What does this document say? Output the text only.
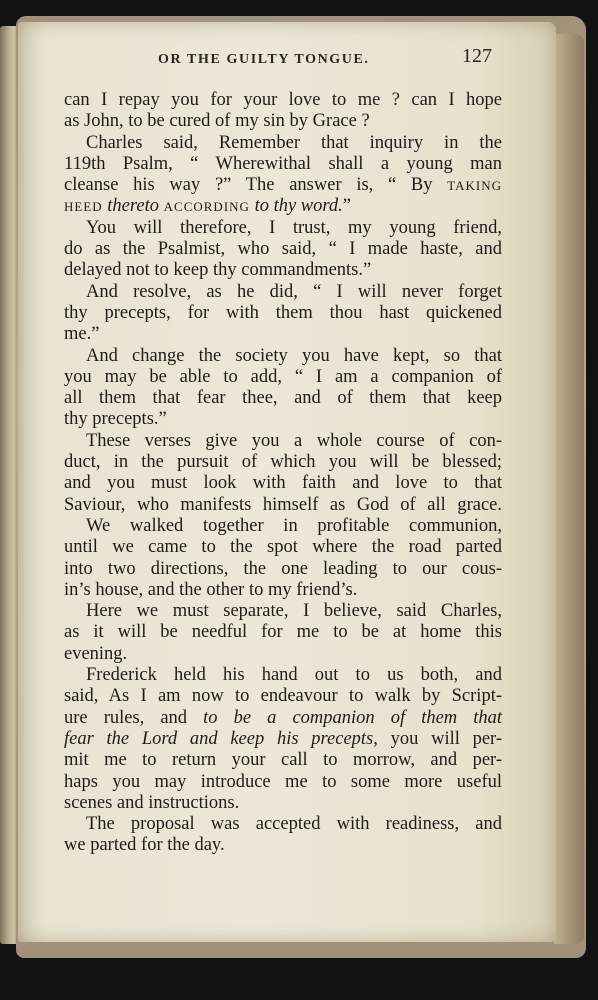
OR THE GUILTY TONGUE.	127
can I repay you for your love to me ? can I hope
as John, to be cured of my sin by Grace ?
Charles said, Remember that inquiry in the
119th Psalm, “ Wherewithal shall a young man
cleanse his way ?” The answer is, “ By taking
heed thereto according to thy word.”
You will therefore, I trust, my young friend,
do as the Psalmist, who said, “ I made haste, and
delayed not to keep thy commandments.”
And resolve, as he did, “ I will never forget
thy precepts, for with them thou hast quickened
me.”
And change the society you have kept, so that
you may be able to add, “ I am a companion of
all them that fear thee, and of them that keep
thy precepts.”
These verses give you a whole course of con-
duct, in the pursuit of which you will be blessed;
and you must look with faith and love to that
Saviour, who manifests himself as God of all grace.
We walked together in profitable communion,
until we came to the spot where the road parted
into two directions, the one leading to our cous-
in’s house, and the other to my friend’s.
Here we must separate, I believe, said Charles,
as it will be needful for me to be at home this
evening.
Frederick held his hand out to us both, and
said, As I am now to endeavour to walk by Script-
ure rules, and to be a companion of them that
fear the Lord and keep his precepts, you will per-
mit me to return your call to morrow, and per-
haps you may introduce me to some more useful
scenes and instructions.
The proposal was accepted with readiness, and
we parted for the day.
